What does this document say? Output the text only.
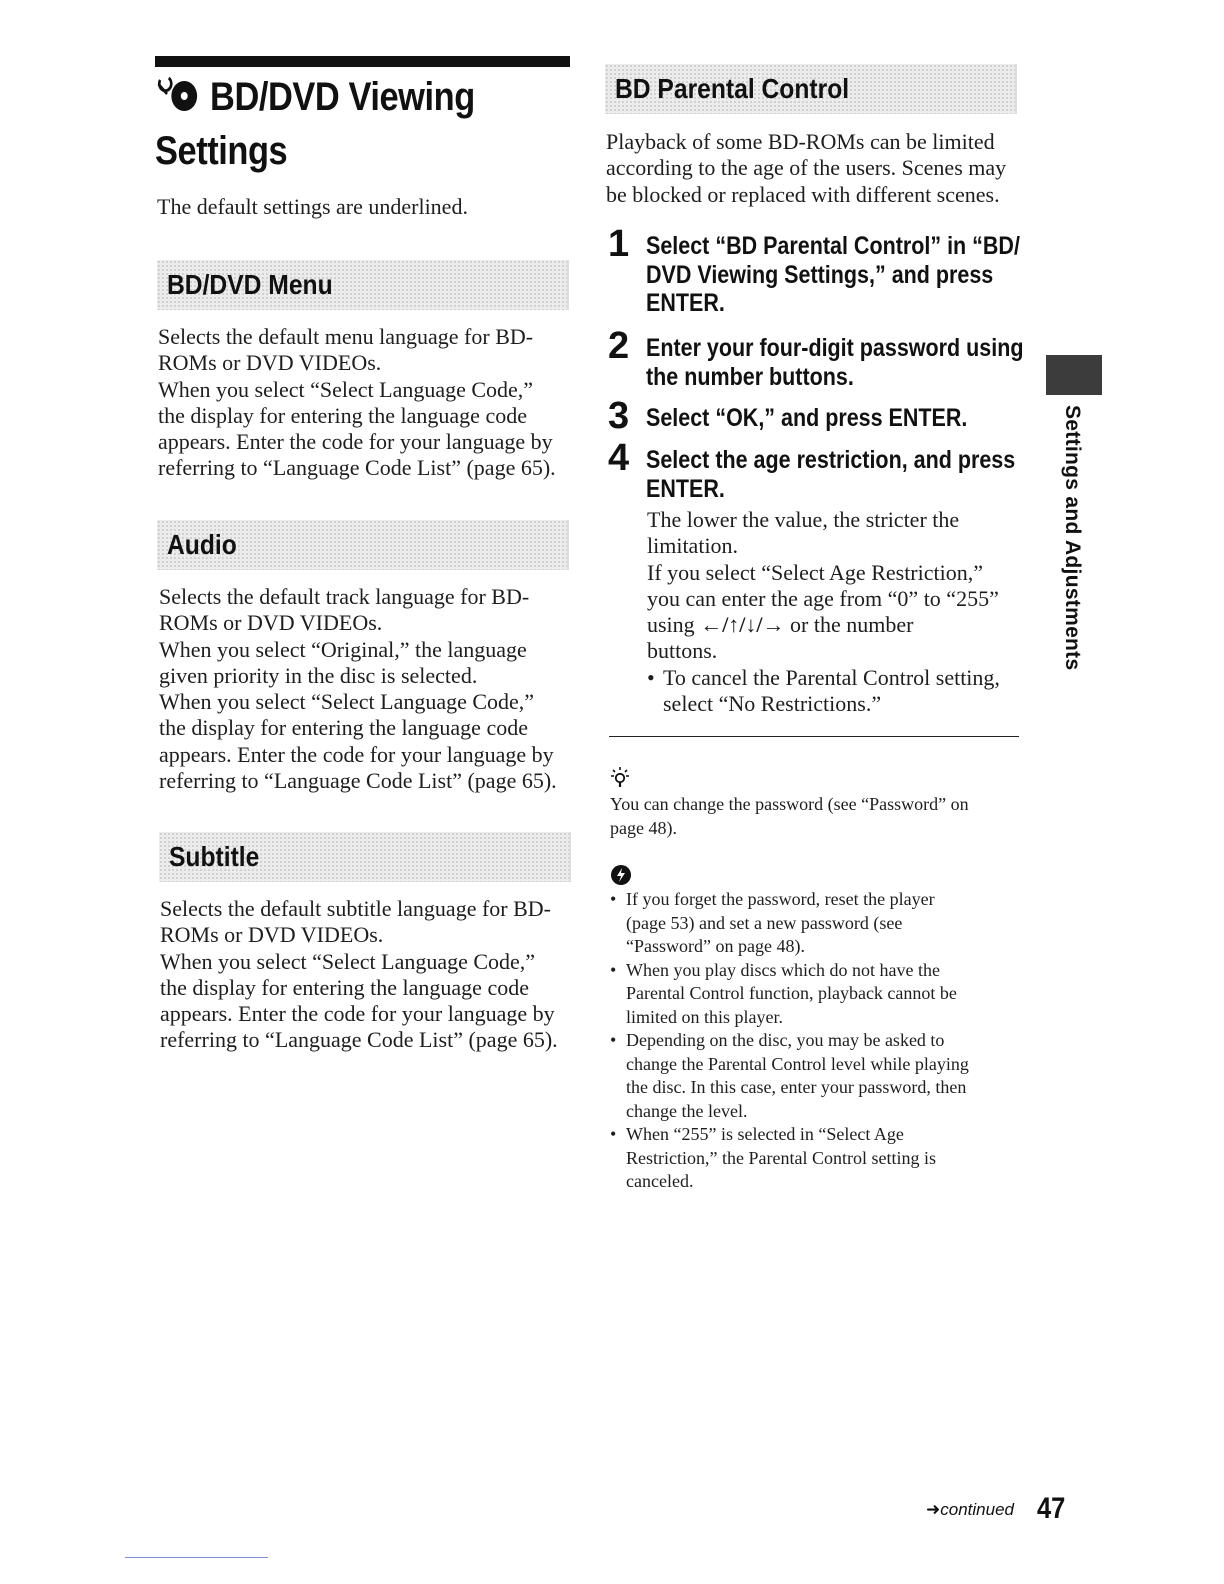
BD/DVD Viewing Settings
The default settings are underlined.
BD/DVD Menu

Selects the default menu language for BD-

ROMs or DVD VIDEOs.

When you select “Select Language Code,”

the display for entering the language code

appears. Enter the code for your language by

referring to “Language Code List” (page 65).

Audio

Selects the default track language for BD-

ROMs or DVD VIDEOs.

When you select “Original,” the language

given priority in the disc is selected.

When you select “Select Language Code,”

the display for entering the language code

appears. Enter the code for your language by

referring to “Language Code List” (page 65).

Subtitle

Selects the default subtitle language for BD-

ROMs or DVD VIDEOs.

When you select “Select Language Code,”

the display for entering the language code

appears. Enter the code for your language by

referring to “Language Code List” (page 65).

BD Parental Control

Playback of some BD-ROMs can be limited

according to the age of the users. Scenes may

be blocked or replaced with different scenes.

1 Select “BD Parental Control” in “BD/
DVD Viewing Settings,” and press
ENTER.
2 Enter your four-digit password using
the number buttons.
3 Select “OK,” and press ENTER.
4 Select the age restriction, and press
ENTER.

The lower the value, the stricter the

limitation.

If you select “Select Age Restriction,”

you can enter the age from “0” to “255”

using ←/↑/↓/→ or the number

buttons.

• To cancel the Parental Control setting,

select “No Restrictions.”

You can change the password (see “Password” on
page 48).
• If you forget the password, reset the player
(page 53) and set a new password (see
“Password” on page 48).
• When you play discs which do not have the
Parental Control function, playback cannot be
limited on this player.
• Depending on the disc, you may be asked to
change the Parental Control level while playing
the disc. In this case, enter your password, then
change the level.
• When “255” is selected in “Select Age
Restriction,” the Parental Control setting is
canceled.
Settings and Adjustments
➜continued 47
